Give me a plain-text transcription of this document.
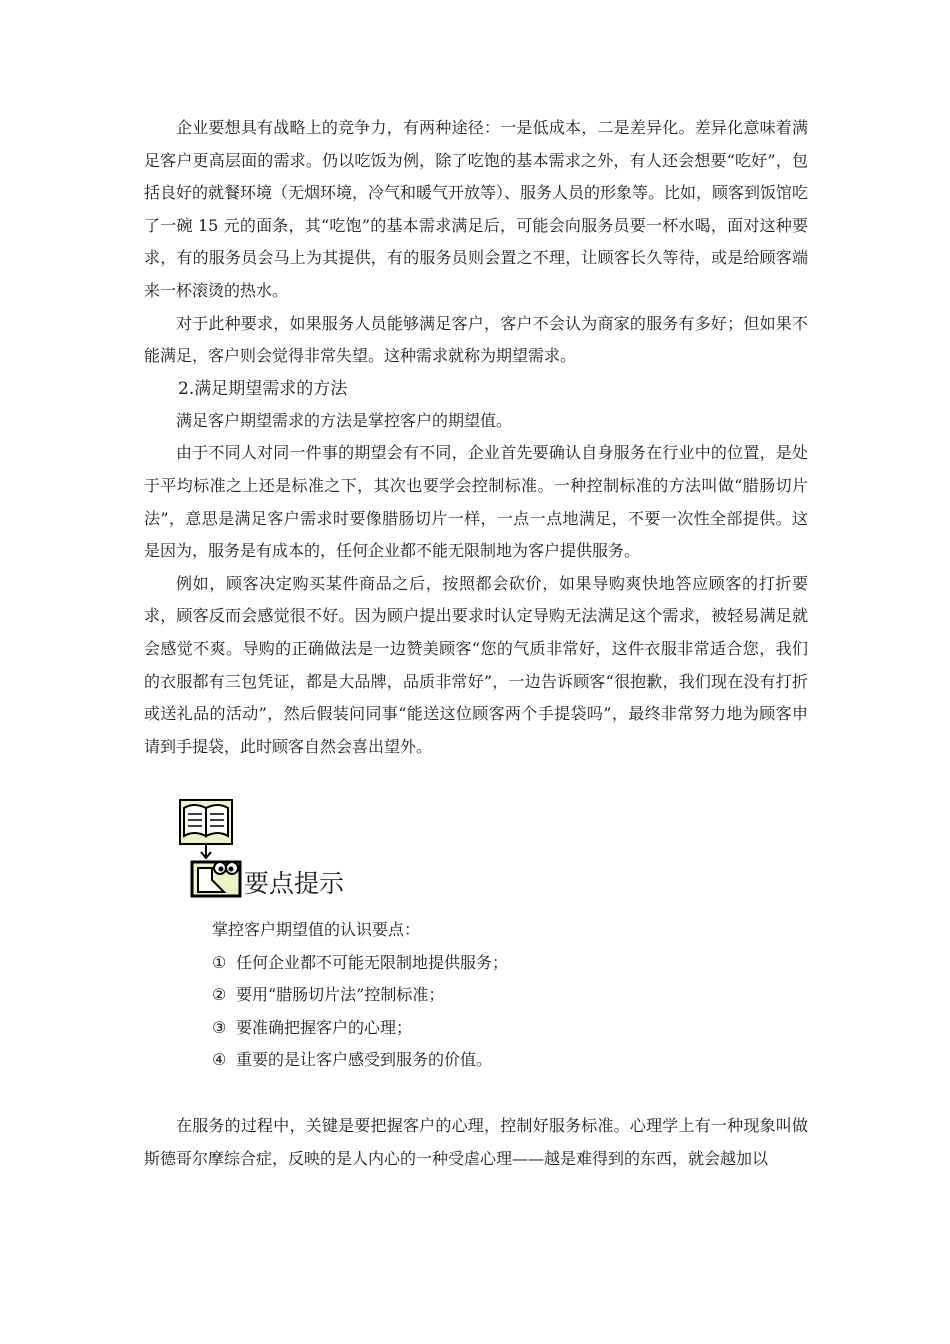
企业要想具有战略上的竞争力，有两种途径：一是低成本，二是差异化。差异化意味着满足客户更高层面的需求。仍以吃饭为例，除了吃饱的基本需求之外，有人还会想要“吃好”，包括良好的就餐环境（无烟环境，冷气和暖气开放等）、服务人员的形象等。比如，顾客到饭馆吃了一碗 15 元的面条，其“吃饱”的基本需求满足后，可能会向服务员要一杯水喝，面对这种要求，有的服务员会马上为其提供，有的服务员则会置之不理，让顾客长久等待，或是给顾客端来一杯滚烫的热水。

对于此种要求，如果服务人员能够满足客户，客户不会认为商家的服务有多好；但如果不能满足，客户则会觉得非常失望。这种需求就称为期望需求。

2.满足期望需求的方法

满足客户期望需求的方法是掌控客户的期望值。

由于不同人对同一件事的期望会有不同，企业首先要确认自身服务在行业中的位置，是处于平均标准之上还是标准之下，其次也要学会控制标准。一种控制标准的方法叫做“腊肠切片法”，意思是满足客户需求时要像腊肠切片一样，一点一点地满足，不要一次性全部提供。这是因为，服务是有成本的，任何企业都不能无限制地为客户提供服务。

例如，顾客决定购买某件商品之后，按照都会砍价，如果导购爽快地答应顾客的打折要求，顾客反而会感觉很不好。因为顾户提出要求时认定导购无法满足这个需求，被轻易满足就会感觉不爽。导购的正确做法是一边赞美顾客“您的气质非常好，这件衣服非常适合您，我们的衣服都有三包凭证，都是大品牌，品质非常好”，一边告诉顾客“很抱歉，我们现在没有打折或送礼品的活动”，然后假装问同事“能送这位顾客两个手提袋吗”，最终非常努力地为顾客申请到手提袋，此时顾客自然会喜出望外。

要点提示

掌控客户期望值的认识要点：

① 任何企业都不可能无限制地提供服务；

② 要用“腊肠切片法”控制标准；

③ 要准确把握客户的心理；

④ 重要的是让客户感受到服务的价值。

在服务的过程中，关键是要把握客户的心理，控制好服务标准。心理学上有一种现象叫做斯德哥尔摩综合症，反映的是人内心的一种受虐心理——越是难得到的东西，就会越加以
